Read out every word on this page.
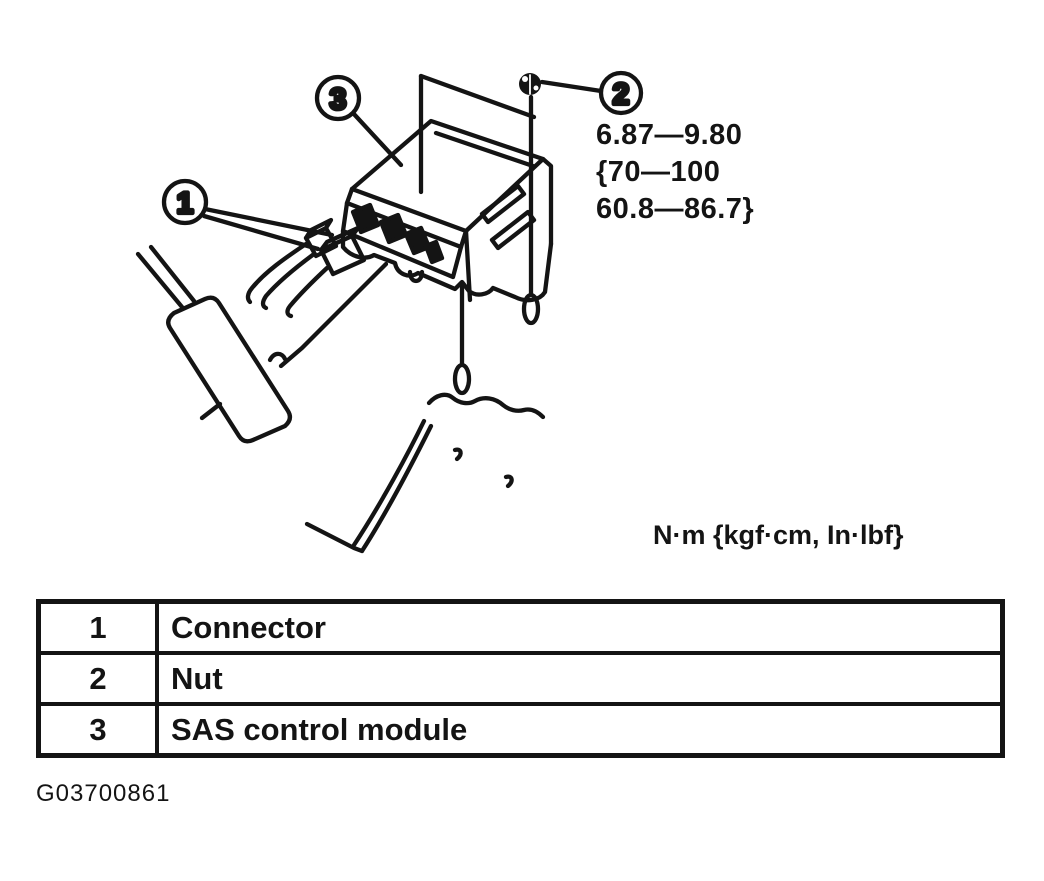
1
2
3
6.87—9.80
{70—100
60.8—86.7}
N·m {kgf·cm, In·lbf}
1	Connector
2	Nut
3	SAS control module
G03700861
